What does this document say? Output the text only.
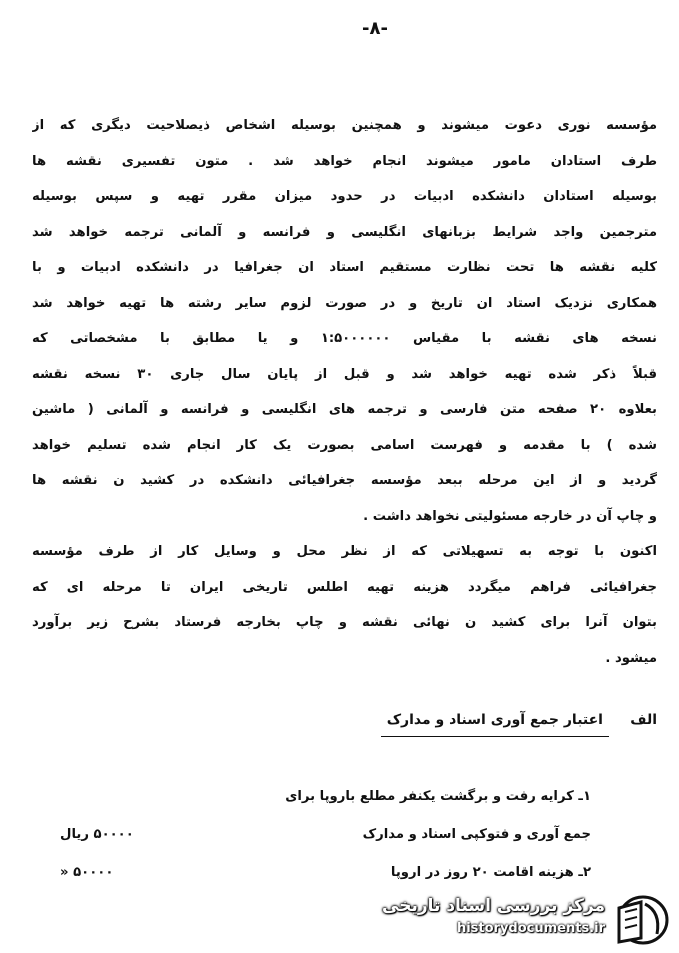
-۸-
مؤسسه نوری دعوت میشوند و همچنین بوسیله اشخاص ذیصلاحیت دیگری که از
طرف استادان مامور میشوند انجام خواهد شد . متون تفسیری نقشه ها
بوسیله استادان دانشکده ادبیات در حدود میزان مقرر تهیه و سپس بوسیله
مترجمین واجد شرایط بزبانهای انگلیسی و فرانسه و آلمانی ترجمه خواهد شد
کلیه نقشه ها تحت نظارت مستقیم استاد ان جغرافیا در دانشکده ادبیات و با
همکاری نزدیک استاد ان تاریخ و در صورت لزوم سایر رشته ها تهیه خواهد شد
نسخه های نقشه با مقیاس ۱:۵۰۰۰۰۰۰ و یا مطابق با مشخصاتی که
قبلاً ذکر شده تهیه خواهد شد و قبل از پایان سال جاری ۳۰ نسخه نقشه
بعلاوه ۲۰ صفحه متن فارسی و ترجمه های انگلیسی و فرانسه و آلمانی ( ماشین
شده ) با مقدمه و فهرست اسامی بصورت یک کار انجام شده تسلیم خواهد
گردید و از این مرحله ببعد مؤسسه جغرافیائی دانشکده در کشید ن نقشه ها
و چاپ آن در خارجه مسئولیتی نخواهد داشت .
اکنون با توجه به تسهیلاتی که از نظر محل و وسایل کار از طرف مؤسسه
جغرافیائی فراهم میگردد هزینه تهیه اطلس تاریخی ایران تا مرحله ای که
بتوان آنرا برای کشید ن نهائی نقشه و چاپ بخارجه فرستاد بشرح زیر برآورد
میشود .
الفاعتبار جمع آوری اسناد و مدارک
۱ـ کرایه رفت و برگشت یکنفر مطلع باروپا برای
جمع آوری و فتوکپی اسناد و مدارک
۵۰۰۰۰ ریال
۲ـ هزینه اقامت ۲۰ روز در اروپا
۵۰۰۰۰ «
مرکز بررسی اسناد تاریخی
historydocuments.ir
